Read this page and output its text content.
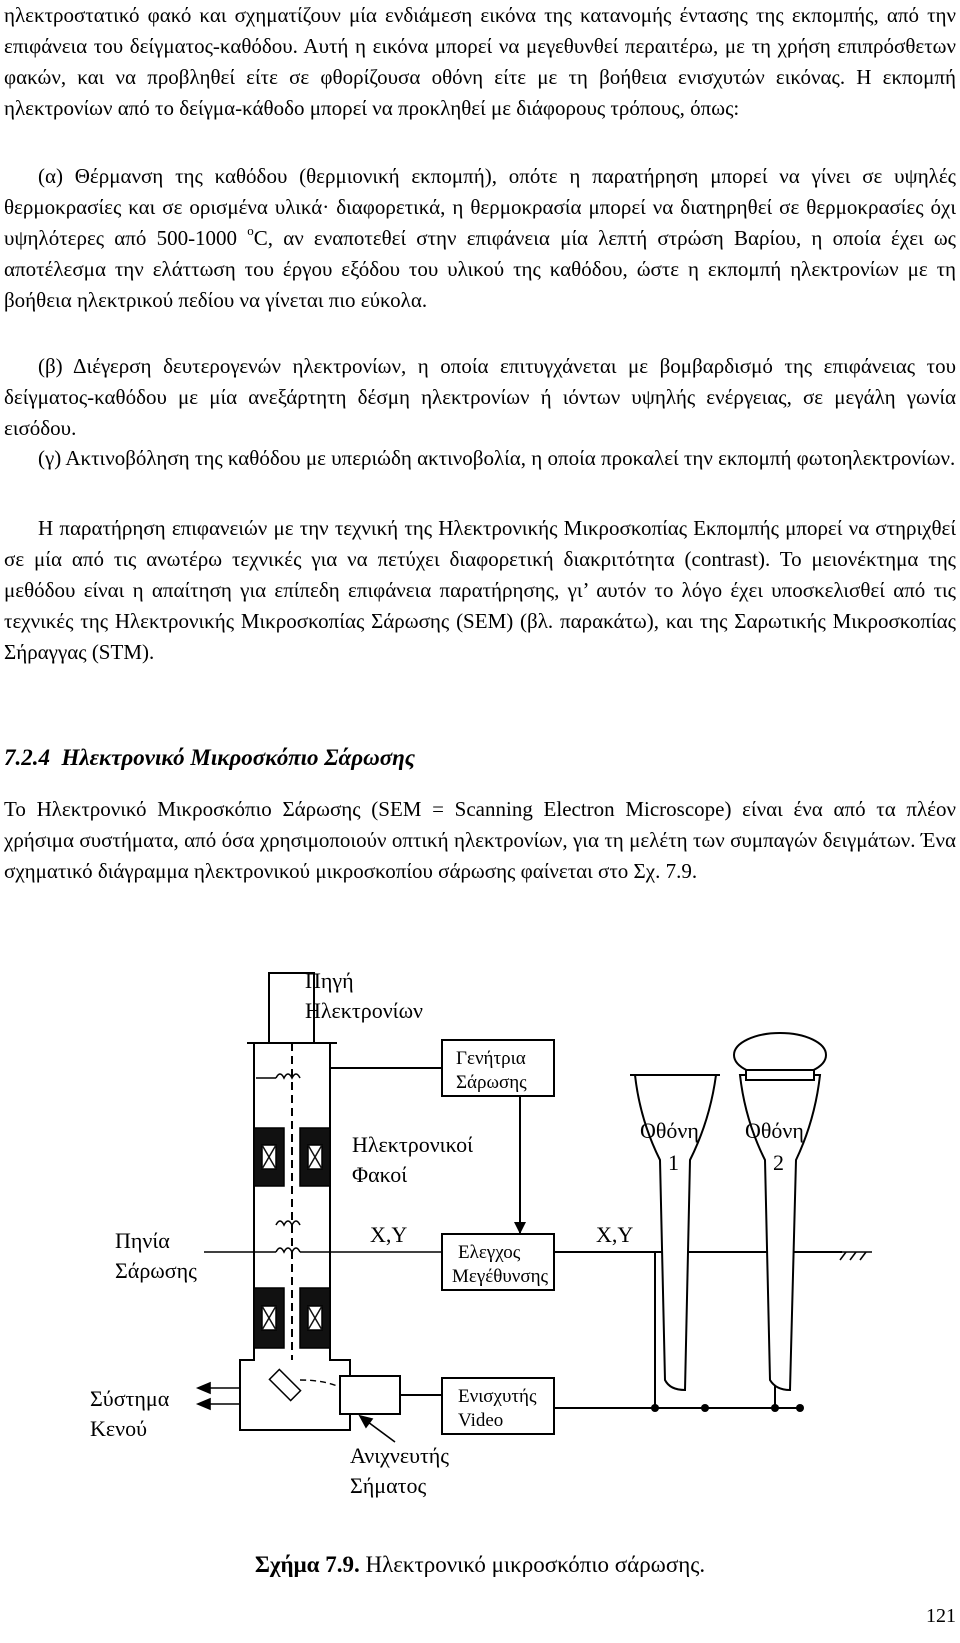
ηλεκτροστατικό φακό και σχηματίζουν μία ενδιάμεση εικόνα της κατανομής έντασης της εκπομπής, από την επιφάνεια του δείγματος-καθόδου. Αυτή η εικόνα μπορεί να μεγεθυνθεί περαιτέρω, με τη χρήση επιπρόσθετων φακών, και να προβληθεί είτε σε φθορίζουσα οθόνη είτε με τη βοήθεια ενισχυτών εικόνας. Η εκπομπή ηλεκτρονίων από το δείγμα-κάθοδο μπορεί να προκληθεί με διάφορους τρόπους, όπως:

(α) Θέρμανση της καθόδου (θερμιονική εκπομπή), οπότε η παρατήρηση μπορεί να γίνει σε υψηλές θερμοκρασίες και σε ορισμένα υλικά· διαφορετικά, η θερμοκρασία μπορεί να διατηρηθεί σε θερμοκρασίες όχι υψηλότερες από 500-1000 $^o$C, αν εναποτεθεί στην επιφάνεια μία λεπτή στρώση Βαρίου, η οποία έχει ως αποτέλεσμα την ελάττωση του έργου εξόδου του υλικού της καθόδου, ώστε η εκπομπή ηλεκτρονίων με τη βοήθεια ηλεκτρικού πεδίου να γίνεται πιο εύκολα.

(β) Διέγερση δευτερογενών ηλεκτρονίων, η οποία επιτυγχάνεται με βομβαρδισμό της επιφάνειας του δείγματος-καθόδου με μία ανεξάρτητη δέσμη ηλεκτρονίων ή ιόντων υψηλής ενέργειας, σε μεγάλη γωνία εισόδου.

(γ) Ακτινοβόληση της καθόδου με υπεριώδη ακτινοβολία, η οποία προκαλεί την εκπομπή φωτοηλεκτρονίων.

Η παρατήρηση επιφανειών με την τεχνική της Ηλεκτρονικής Μικροσκοπίας Εκπομπής μπορεί να στηριχθεί σε μία από τις ανωτέρω τεχνικές για να πετύχει διαφορετική διακριτότητα (contrast). Το μειονέκτημα της μεθόδου είναι η απαίτηση για επίπεδη επιφάνεια παρατήρησης, γι’ αυτόν το λόγο έχει υποσκελισθεί από τις τεχνικές της Ηλεκτρονικής Μικροσκοπίας Σάρωσης (SEM) (βλ. παρακάτω), και της Σαρωτικής Μικροσκοπίας Σήραγγας (STM).

7.2.4 Ηλεκτρονικό Μικροσκόπιο Σάρωσης

Το Ηλεκτρονικό Μικροσκόπιο Σάρωσης (SEM = Scanning Electron Microscope) είναι ένα από τα πλέον χρήσιμα συστήματα, από όσα χρησιμοποιούν οπτική ηλεκτρονίων, για τη μελέτη των συμπαγών δειγμάτων. Ένα σχηματικό διάγραμμα ηλεκτρονικού μικροσκοπίου σάρωσης φαίνεται στο Σχ. 7.9.

Πηγή
Ηλεκτρονίων
Γενήτρια
Σάρωσης
Ηλεκτρονικοί
Φακοί
Οθόνη
1
Οθόνη
2
X,Y	X,Y
Πηνία
Σάρωσης
Ελεγχος
Μεγέθυνσης
Ενισχυτής
Video
Σύστημα
Κενού
Ανιχνευτής
Σήματος

Σχήμα 7.9. Ηλεκτρονικό μικροσκόπιο σάρωσης.

121
